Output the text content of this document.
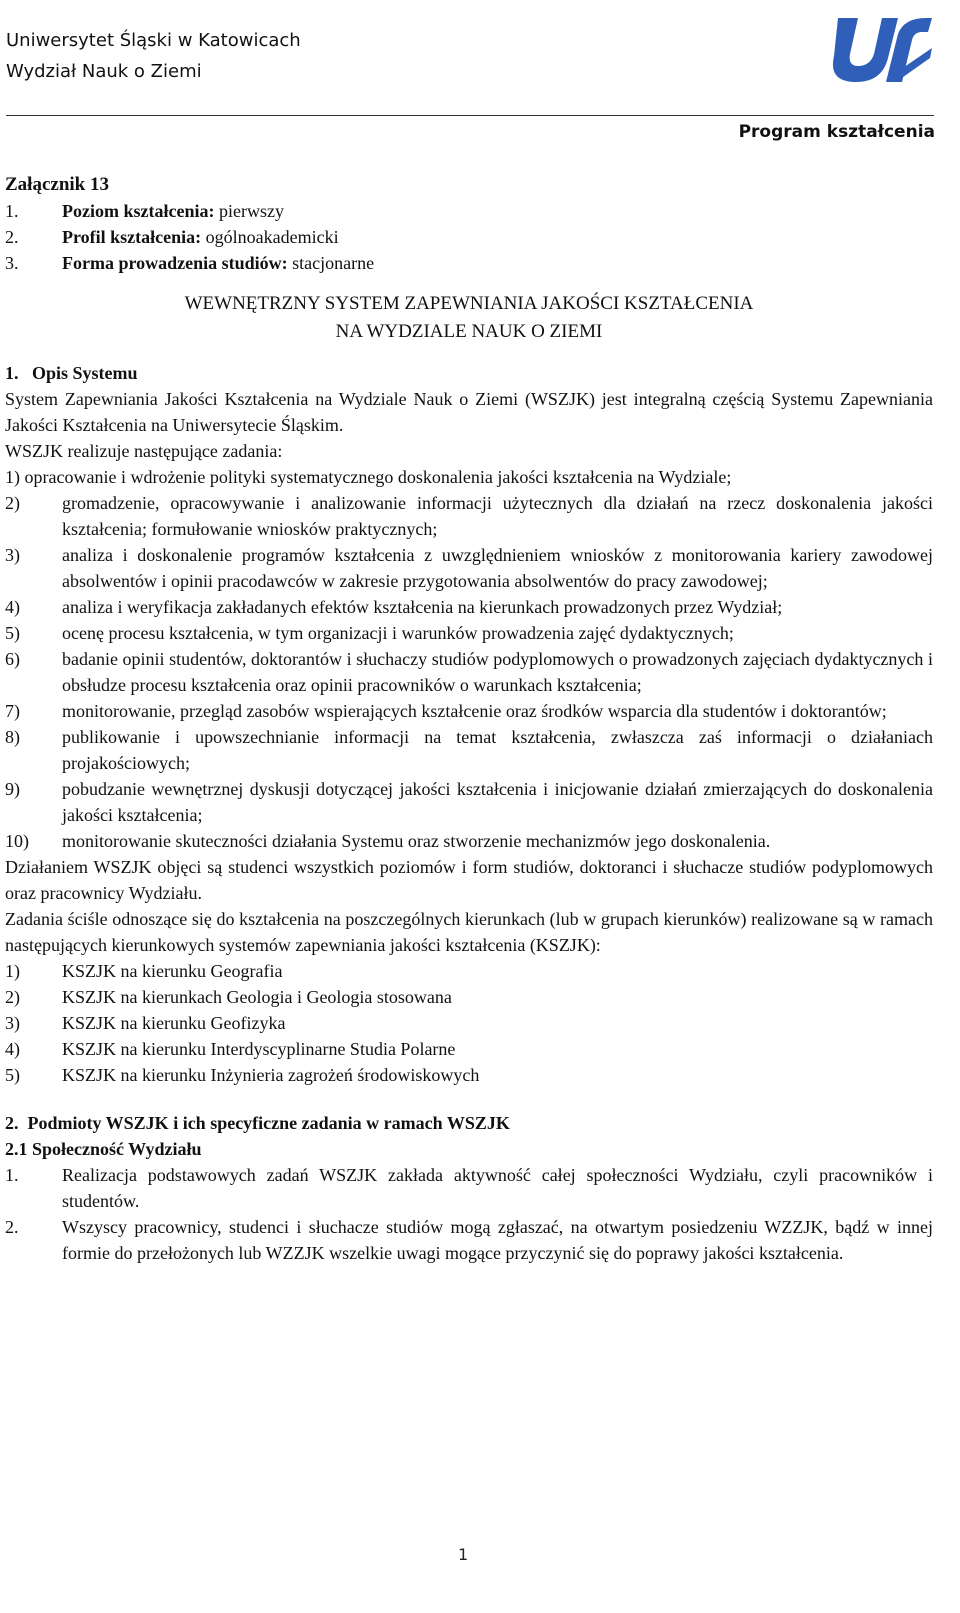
Uniwersytet Śląski w Katowicach
Wydział Nauk o Ziemi
Program kształcenia

Załącznik 13

1.	Poziom kształcenia: pierwszy
2.	Profil kształcenia: ogólnoakademicki
3.	Forma prowadzenia studiów: stacjonarne

WEWNĘTRZNY SYSTEM ZAPEWNIANIA JAKOŚCI KSZTAŁCENIA
NA WYDZIALE NAUK O ZIEMI

1.   Opis Systemu

System Zapewniania Jakości Kształcenia na Wydziale Nauk o Ziemi (WSZJK) jest integralną częścią Systemu Zapewniania Jakości Kształcenia na Uniwersytecie Śląskim.

WSZJK realizuje następujące zadania:

1) opracowanie i wdrożenie polityki systematycznego doskonalenia jakości kształcenia na Wydziale;

2)	gromadzenie, opracowywanie i analizowanie informacji użytecznych dla działań na rzecz doskonalenia jakości kształcenia; formułowanie wniosków praktycznych;
3)	analiza i doskonalenie programów kształcenia z uwzględnieniem wniosków z monitorowania kariery zawodowej absolwentów i opinii pracodawców w zakresie przygotowania absolwentów do pracy zawodowej;
4)	analiza i weryfikacja zakładanych efektów kształcenia na kierunkach prowadzonych przez Wydział;
5)	ocenę procesu kształcenia, w tym organizacji i warunków prowadzenia zajęć dydaktycznych;
6)	badanie opinii studentów, doktorantów i słuchaczy studiów podyplomowych o prowadzonych zajęciach dydaktycznych i obsłudze procesu kształcenia oraz opinii pracowników o warunkach kształcenia;
7)	monitorowanie, przegląd zasobów wspierających kształcenie oraz środków wsparcia dla studentów i doktorantów;
8)	publikowanie i upowszechnianie informacji na temat kształcenia, zwłaszcza zaś informacji o działaniach projakościowych;
9)	pobudzanie wewnętrznej dyskusji dotyczącej jakości kształcenia i inicjowanie działań zmierzających do doskonalenia jakości kształcenia;
10)	monitorowanie skuteczności działania Systemu oraz stworzenie mechanizmów jego doskonalenia.

Działaniem WSZJK objęci są studenci wszystkich poziomów i form studiów, doktoranci i słuchacze studiów podyplomowych oraz pracownicy Wydziału.

Zadania ściśle odnoszące się do kształcenia na poszczególnych kierunkach (lub w grupach kierunków) realizowane są w ramach następujących kierunkowych systemów zapewniania jakości kształcenia (KSZJK):

1)	KSZJK na kierunku Geografia
2)	KSZJK na kierunkach Geologia i Geologia stosowana
3)	KSZJK na kierunku Geofizyka
4)	KSZJK na kierunku Interdyscyplinarne Studia Polarne
5)	KSZJK na kierunku Inżynieria zagrożeń środowiskowych

2.  Podmioty WSZJK i ich specyficzne zadania w ramach WSZJK

2.1 Społeczność Wydziału

1.	Realizacja podstawowych zadań WSZJK zakłada aktywność całej społeczności Wydziału, czyli pracowników i studentów.
2.	Wszyscy pracownicy, studenci i słuchacze studiów mogą zgłaszać, na otwartym posiedzeniu WZZJK, bądź w innej formie do przełożonych lub WZZJK wszelkie uwagi mogące przyczynić się do poprawy jakości kształcenia.
1
